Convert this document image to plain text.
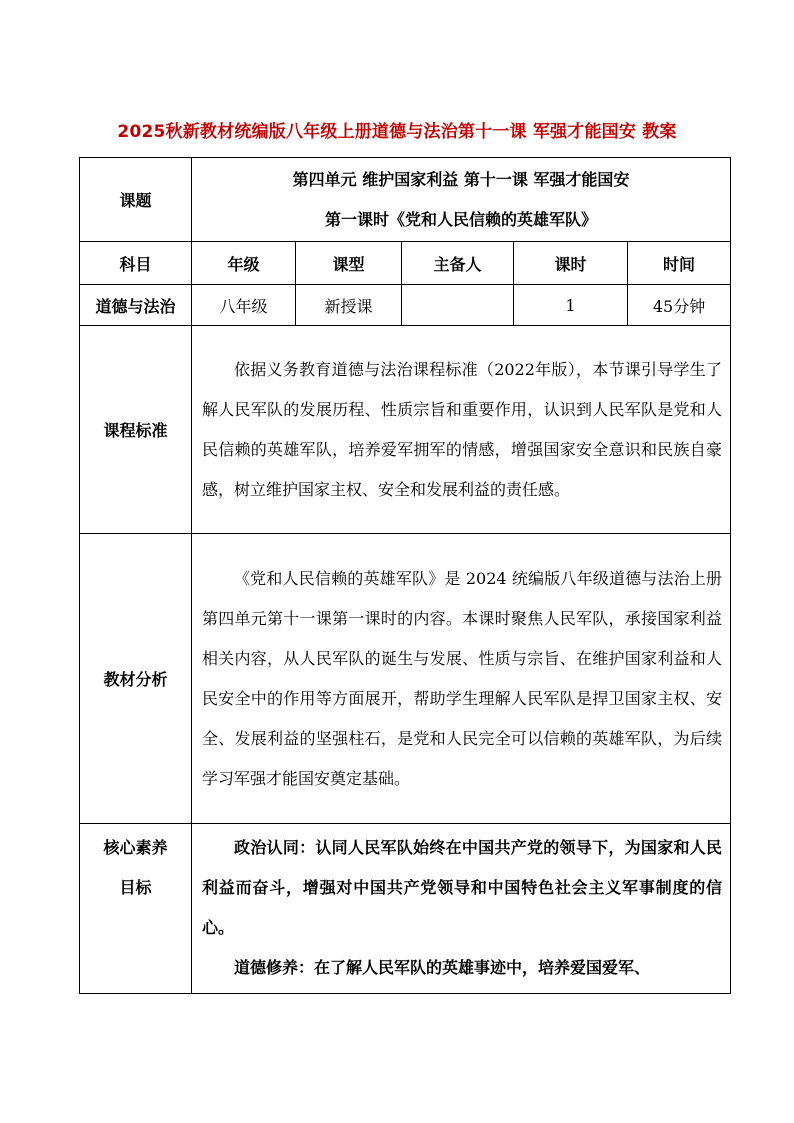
2025秋新教材统编版八年级上册道德与法治第十一课 军强才能国安 教案
课题	第四单元 维护国家利益 第十一课 军强才能国安
第一课时《党和人民信赖的英雄军队》				

科目	年级	课型	主备人	课时	时间
道德与法治	八年级	新授课		1	45分钟
课程标准	依据义务教育道德与法治课程标准（2022年版），本节课引导学生了解人民军队的发展历程、性质宗旨和重要作用，认识到人民军队是党和人民信赖的英雄军队，培养爱军拥军的情感，增强国家安全意识和民族自豪感，树立维护国家主权、安全和发展利益的责任感。				

教材分析	《党和人民信赖的英雄军队》是 2024 统编版八年级道德与法治上册第四单元第十一课第一课时的内容。本课时聚焦人民军队，承接国家利益相关内容，从人民军队的诞生与发展、性质与宗旨、在维护国家利益和人民安全中的作用等方面展开，帮助学生理解人民军队是捍卫国家主权、安全、发展利益的坚强柱石，是党和人民完全可以信赖的英雄军队，为后续学习军强才能国安奠定基础。				

核心素养
目标	政治认同：认同人民军队始终在中国共产党的领导下，为国家和人民利益而奋斗，增强对中国共产党领导和中国特色社会主义军事制度的信心。
道德修养：在了解人民军队的英雄事迹中，培养爱国爱军、				
